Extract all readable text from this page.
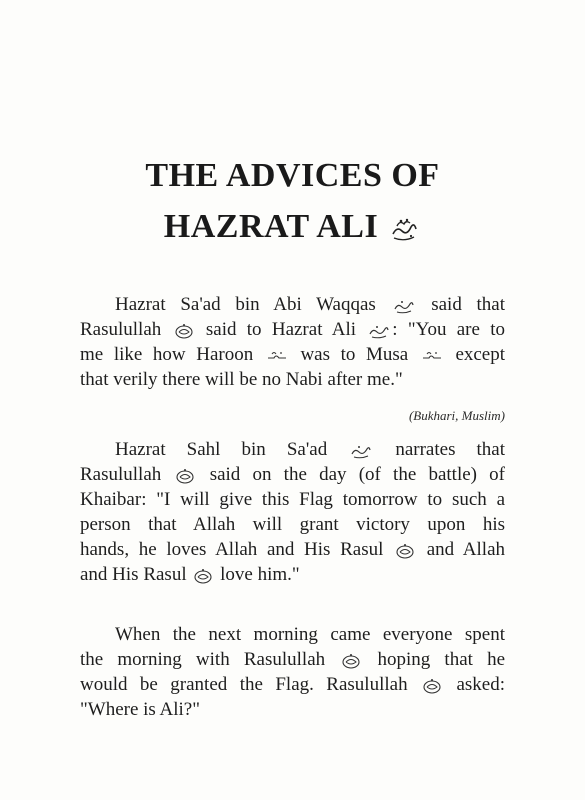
THE ADVICES OF
HAZRAT ALI
Hazrat Sa'ad bin Abi Waqqas	said that
Rasulullah said to Hazrat Ali : "You are to
me like how Haroon was to Musa except
that verily there will be no Nabi after me."
(Bukhari, Muslim)
Hazrat Sahl bin Sa'ad	narrates that
Rasulullah	said on the day (of the battle) of
Khaibar: "I will give this Flag tomorrow to such a
person that Allah will grant victory upon his
hands, he loves Allah and His Rasul and Allah
and His Rasul love him."
When the next morning came everyone spent
the morning with Rasulullah	hoping that he
would be granted the Flag. Rasulullah	asked:
"Where is Ali?"
